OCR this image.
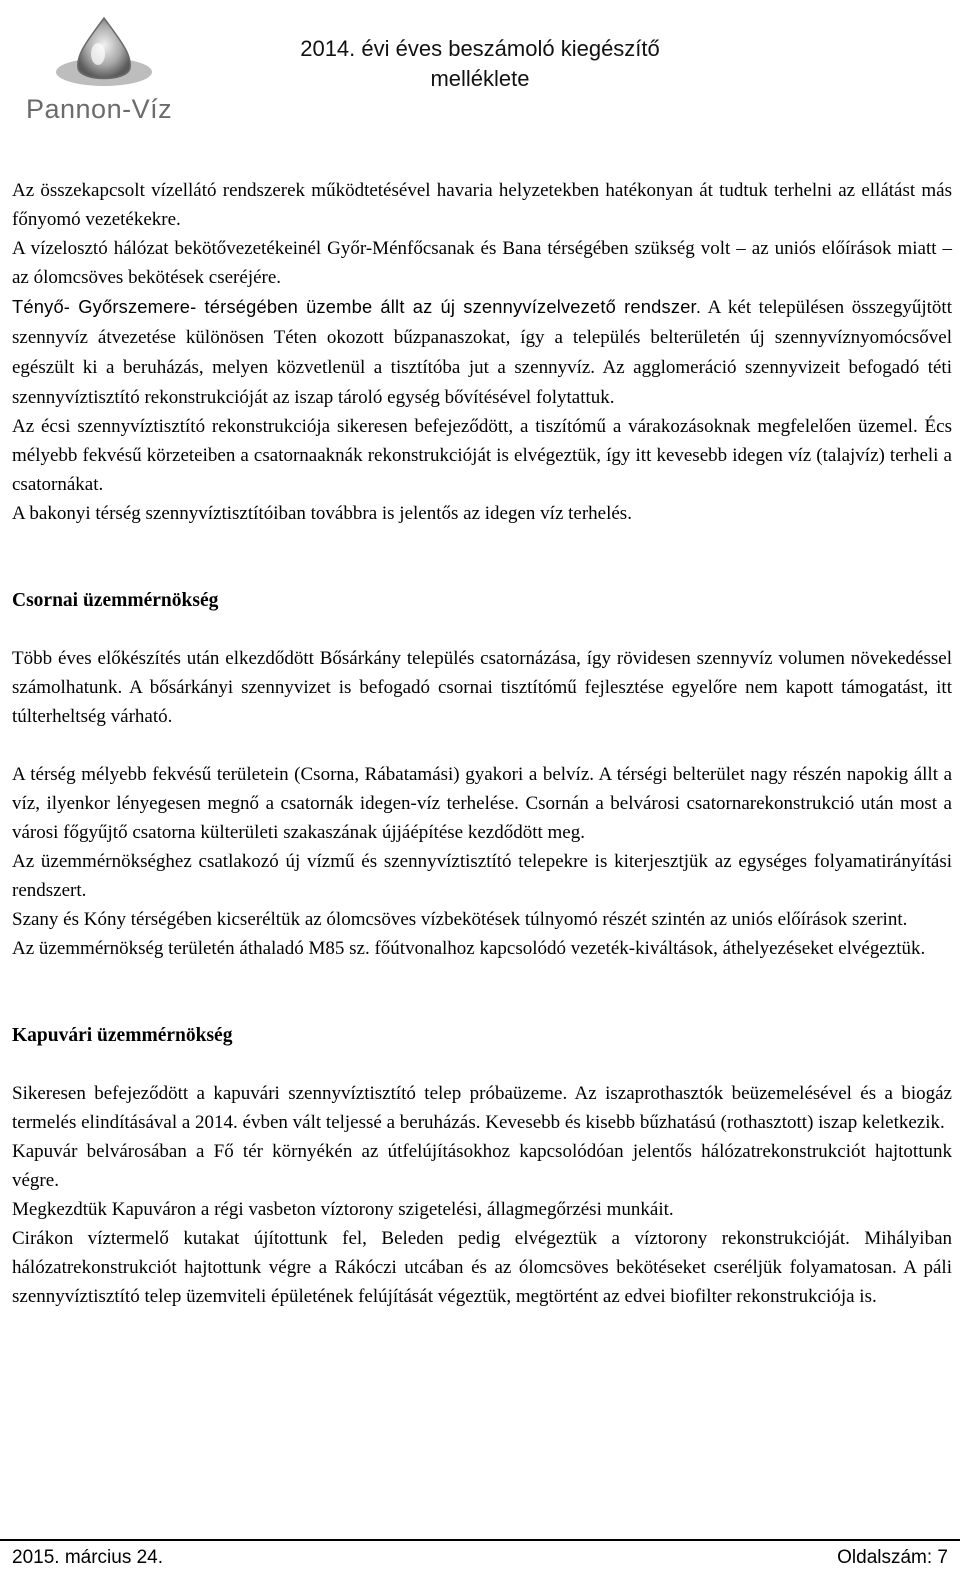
Pannon-Víz
2014. évi éves beszámoló kiegészítő
melléklete

Az összekapcsolt vízellátó rendszerek működtetésével havaria helyzetekben hatékonyan át tudtuk terhelni az ellátást más főnyomó vezetékekre.

A vízelosztó hálózat bekötővezetékeinél Győr-Ménfőcsanak és Bana térségében szükség volt – az uniós előírások miatt – az ólomcsöves bekötések cseréjére.

Tényő- Győrszemere- térségében üzembe állt az új szennyvízelvezető rendszer. A két településen összegyűjtött szennyvíz átvezetése különösen Téten okozott bűzpanaszokat, így a település belterületén új szennyvíznyomócsővel egészült ki a beruházás, melyen közvetlenül a tisztítóba jut a szennyvíz. Az agglomeráció szennyvizeit befogadó téti szennyvíztisztító rekonstrukcióját az iszap tároló egység bővítésével folytattuk.

Az écsi szennyvíztisztító rekonstrukciója sikeresen befejeződött, a tiszítómű a várakozásoknak megfelelően üzemel. Écs mélyebb fekvésű körzeteiben a csatornaaknák rekonstrukcióját is elvégeztük, így itt kevesebb idegen víz (talajvíz) terheli a csatornákat.

A bakonyi térség szennyvíztisztítóiban továbbra is jelentős az idegen víz terhelés.

Csornai üzemmérnökség

Több éves előkészítés után elkezdődött Bősárkány település csatornázása, így rövidesen szennyvíz volumen növekedéssel számolhatunk. A bősárkányi szennyvizet is befogadó csornai tisztítómű fejlesztése egyelőre nem kapott támogatást, itt túlterheltség várható.

A térség mélyebb fekvésű területein (Csorna, Rábatamási) gyakori a belvíz. A térségi belterület nagy részén napokig állt a víz, ilyenkor lényegesen megnő a csatornák idegen-víz terhelése. Csornán a belvárosi csatornarekonstrukció után most a városi főgyűjtő csatorna külterületi szakaszának újjáépítése kezdődött meg.

Az üzemmérnökséghez csatlakozó új vízmű és szennyvíztisztító telepekre is kiterjesztjük az egységes folyamatirányítási rendszert.

Szany és Kóny térségében kicseréltük az ólomcsöves vízbekötések túlnyomó részét szintén az uniós előírások szerint.

Az üzemmérnökség területén áthaladó M85 sz. főútvonalhoz kapcsolódó vezeték-kiváltások, áthelyezéseket elvégeztük.

Kapuvári üzemmérnökség

Sikeresen befejeződött a kapuvári szennyvíztisztító telep próbaüzeme. Az iszaprothasztók beüzemelésével és a biogáz termelés elindításával a 2014. évben vált teljessé a beruházás. Kevesebb és kisebb bűzhatású (rothasztott) iszap keletkezik.

Kapuvár belvárosában a Fő tér környékén az útfelújításokhoz kapcsolódóan jelentős hálózatrekonstrukciót hajtottunk végre.

Megkezdtük Kapuváron a régi vasbeton víztorony szigetelési, állagmegőrzési munkáit.

Cirákon víztermelő kutakat újítottunk fel, Beleden pedig elvégeztük a víztorony rekonstrukcióját. Mihályiban hálózatrekonstrukciót hajtottunk végre a Rákóczi utcában és az ólomcsöves bekötéseket cseréljük folyamatosan. A páli szennyvíztisztító telep üzemviteli épületének felújítását végeztük, megtörtént az edvei biofilter rekonstrukciója is.

2015. március 24.	Oldalszám: 7
